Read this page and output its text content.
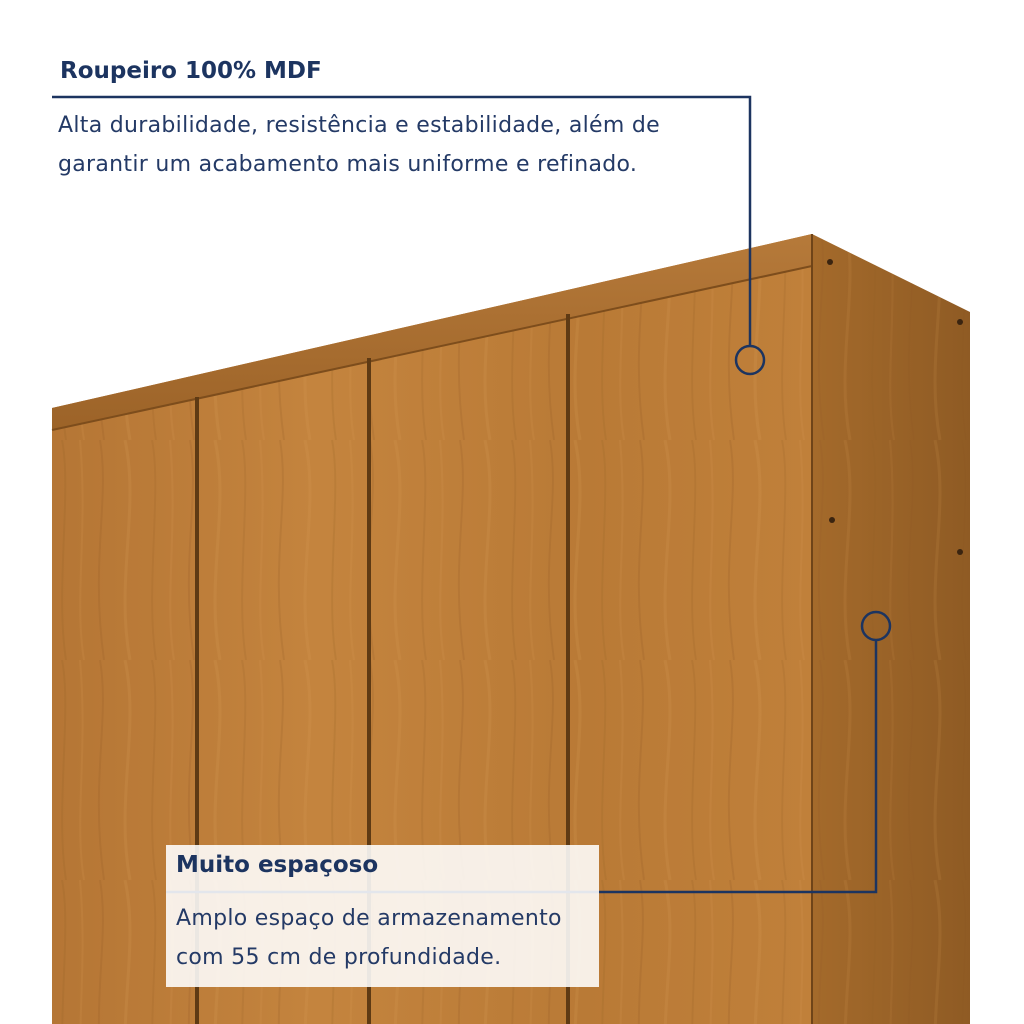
Roupeiro 100% MDF

Alta durabilidade, resistência e estabilidade, além de
garantir um acabamento mais uniforme e refinado.

Muito espaçoso

Amplo espaço de armazenamento
com 55 cm de profundidade.
